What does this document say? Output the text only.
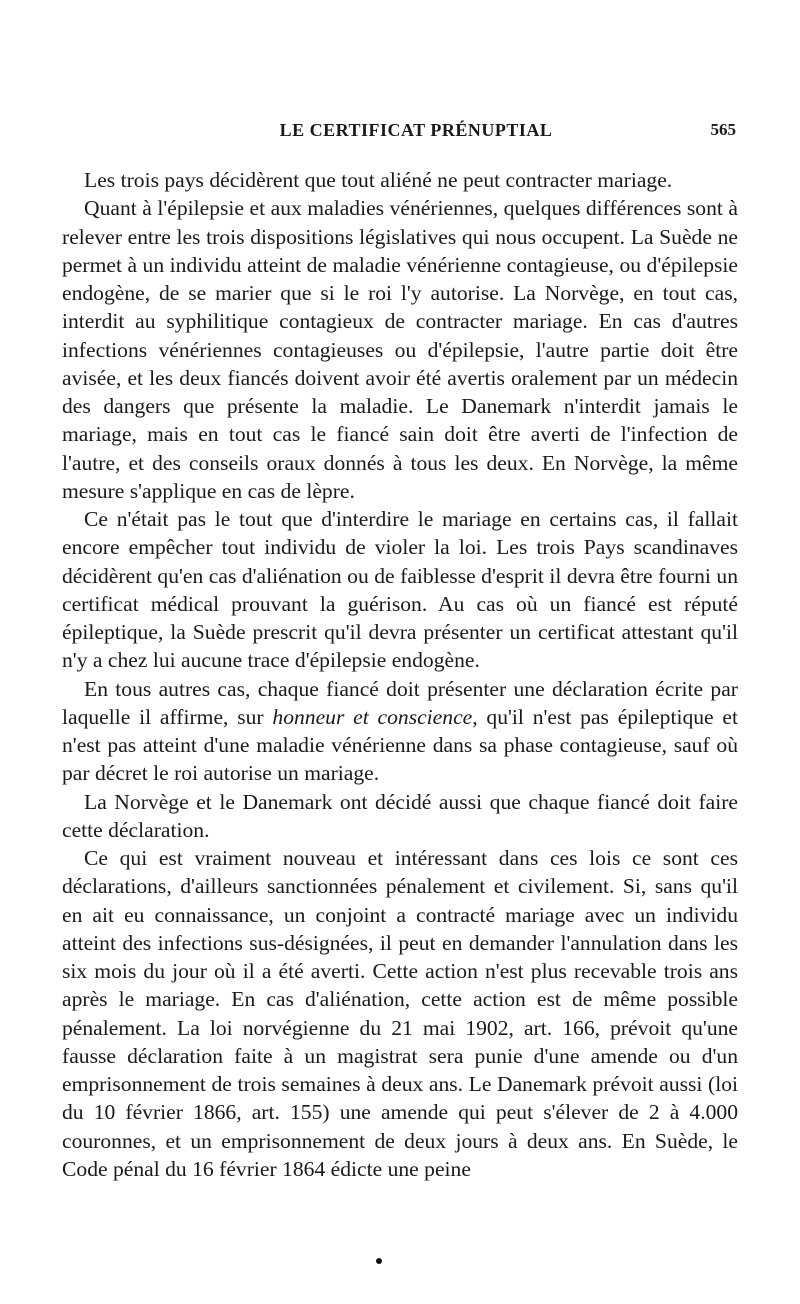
LE CERTIFICAT PRÉNUPTIAL	565

Les trois pays décidèrent que tout aliéné ne peut contracter mariage.

Quant à l'épilepsie et aux maladies vénériennes, quelques différences sont à relever entre les trois dispositions législatives qui nous occupent. La Suède ne permet à un individu atteint de maladie vénérienne contagieuse, ou d'épilepsie endogène, de se marier que si le roi l'y autorise. La Norvège, en tout cas, interdit au syphilitique contagieux de contracter mariage. En cas d'autres infections vénériennes contagieuses ou d'épilepsie, l'autre partie doit être avisée, et les deux fiancés doivent avoir été avertis oralement par un médecin des dangers que présente la maladie. Le Danemark n'interdit jamais le mariage, mais en tout cas le fiancé sain doit être averti de l'infection de l'autre, et des conseils oraux donnés à tous les deux. En Norvège, la même mesure s'applique en cas de lèpre.

Ce n'était pas le tout que d'interdire le mariage en certains cas, il fallait encore empêcher tout individu de violer la loi. Les trois Pays scandinaves décidèrent qu'en cas d'aliénation ou de faiblesse d'esprit il devra être fourni un certificat médical prouvant la guérison. Au cas où un fiancé est réputé épileptique, la Suède prescrit qu'il devra présenter un certificat attestant qu'il n'y a chez lui aucune trace d'épilepsie endogène.

En tous autres cas, chaque fiancé doit présenter une déclaration écrite par laquelle il affirme, sur honneur et conscience, qu'il n'est pas épileptique et n'est pas atteint d'une maladie vénérienne dans sa phase contagieuse, sauf où par décret le roi autorise un mariage.

La Norvège et le Danemark ont décidé aussi que chaque fiancé doit faire cette déclaration.

Ce qui est vraiment nouveau et intéressant dans ces lois ce sont ces déclarations, d'ailleurs sanctionnées pénalement et civilement. Si, sans qu'il en ait eu connaissance, un conjoint a contracté mariage avec un individu atteint des infections sus-désignées, il peut en demander l'annulation dans les six mois du jour où il a été averti. Cette action n'est plus recevable trois ans après le mariage. En cas d'aliénation, cette action est de même possible pénalement. La loi norvégienne du 21 mai 1902, art. 166, prévoit qu'une fausse déclaration faite à un magistrat sera punie d'une amende ou d'un emprisonnement de trois semaines à deux ans. Le Danemark prévoit aussi (loi du 10 février 1866, art. 155) une amende qui peut s'élever de 2 à 4.000 couronnes, et un emprisonnement de deux jours à deux ans. En Suède, le Code pénal du 16 février 1864 édicte une peine
